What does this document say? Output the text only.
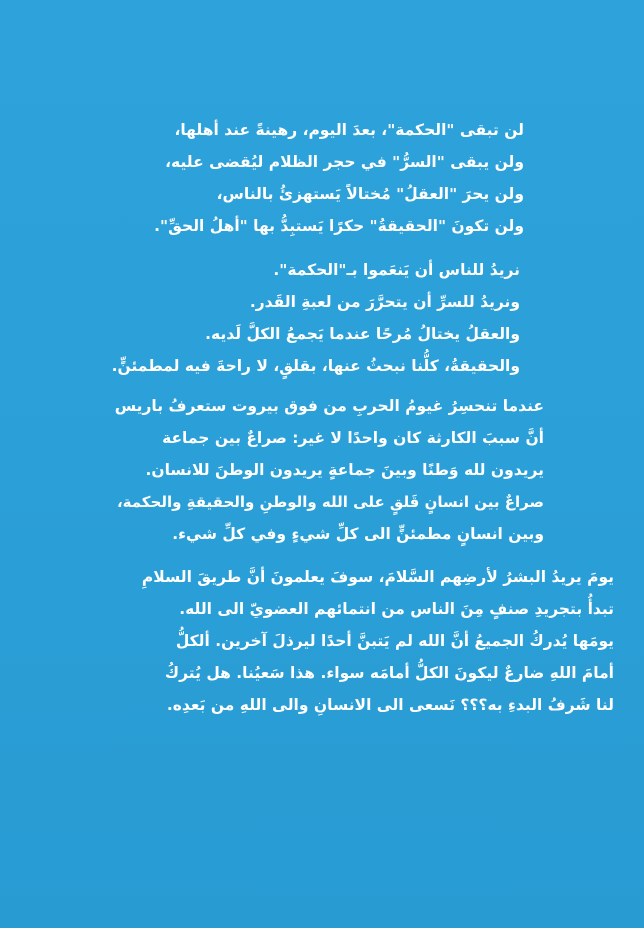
لن تبقى "الحكمة"، بعدَ اليوم، رهينةً عند أهلها،
ولن يبقى "السرُّ" في حجر الظلام ليُقضى عليه،
ولن يحرَ "العقلُ" مُختالاً يَستهزئُ بالناس،
ولن تكونَ "الحقيقةُ" حكرًا يَستبِدُّ بها "أهلُ الحقِّ".
نريدُ للناس أن يَنعَموا بـ"الحكمة".
ونريدُ للسرِّ أن يتحرَّرَ من لعبةِ القَدر.
والعقلُ يختالُ مُرحًا عندما يَجمعُ الكلَّ لَديه.
والحقيقةُ، كلُّنا نبحثُ عنها، بقلقٍ، لا راحةَ فيه لمطمئنٍّ.
عندما تنحسِرُ غيومُ الحربِ من فوق بيروت ستعرفُ باريس
أنَّ سببَ الكارثة كان واحدًا لا غير: صراعٌ بين جماعة
يريدون لله وَطنًا وبينَ جماعةٍ يريدون الوطنَ للانسان.
صراعٌ بين انسانٍ قَلقٍ على الله والوطنِ والحقيقةِ والحكمة،
وبين انسانٍ مطمئنٍّ الى كلِّ شيءٍ وفي كلِّ شيء.
يومَ يريدُ البشرُ لأرضِهم السَّلامَ، سوفَ يعلمونَ أنَّ طريقَ السلامِ
تبدأُ بتجريدِ صنفٍ مِنَ الناس من انتمائهم العضويّ الى الله.
يومَها يُدركُ الجميعُ أنَّ الله لم يَتبنَّ أحدًا ليرذلَ آخرين. ألكلُّ
أمامَ اللهِ ضارعٌ ليكونَ الكلُّ أمامَه سواء. هذا سَعيُنا. هل يُتركُ
لنا شَرفُ البدءِ به؟؟؟ نَسعى الى الانسانِ والى اللهِ من بَعدِه.
